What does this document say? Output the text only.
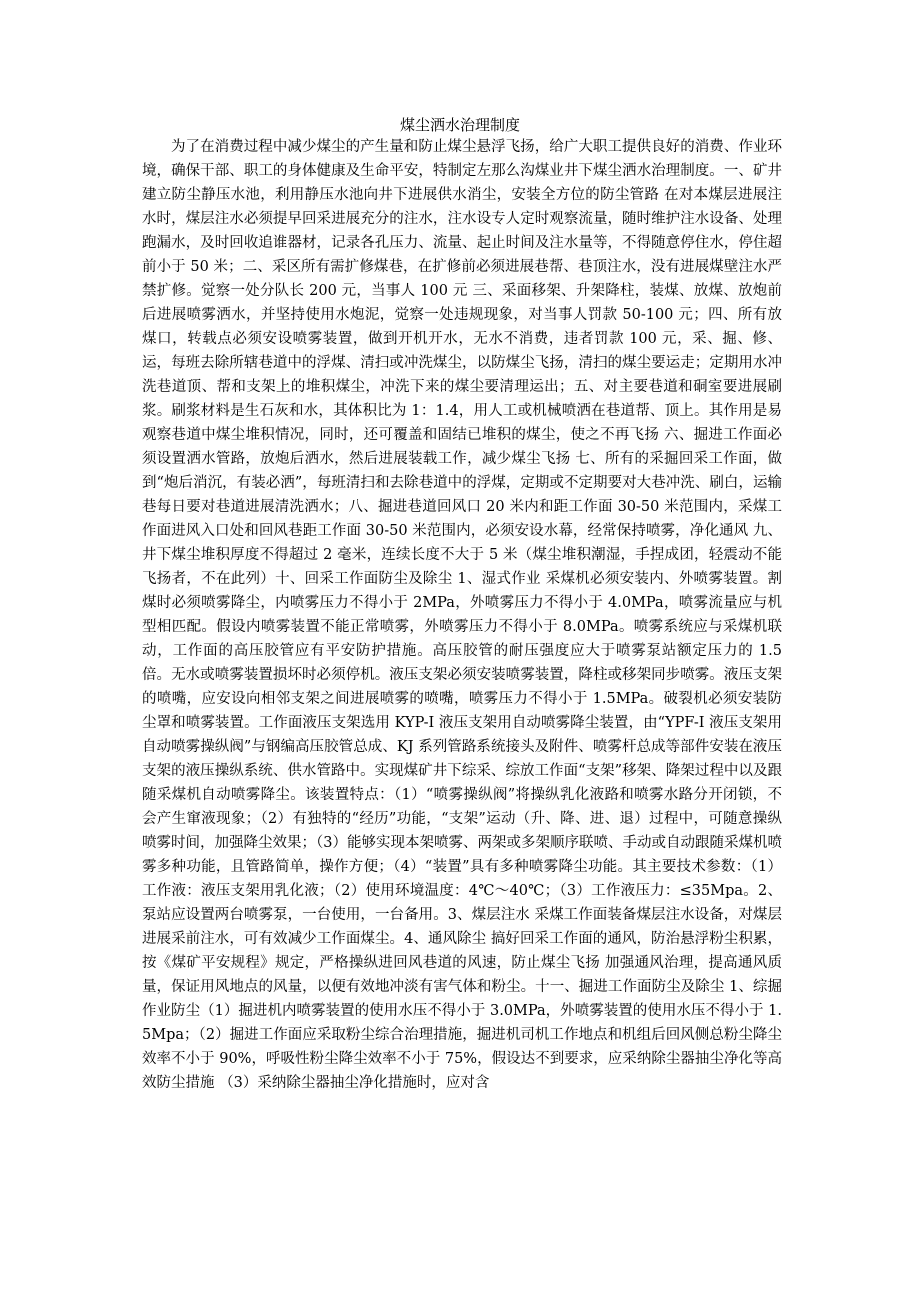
煤尘洒水治理制度

为了在消费过程中减少煤尘的产生量和防止煤尘悬浮飞扬，给广大职工提供良好的消费、作业环境，确保干部、职工的身体健康及生命平安，特制定左那么沟煤业井下煤尘洒水治理制度。一、矿井建立防尘静压水池，利用静压水池向井下进展供水消尘，安装全方位的防尘管路 在对本煤层进展注水时，煤层注水必须提早回采进展充分的注水，注水设专人定时观察流量，随时维护注水设备、处理跑漏水，及时回收追谁器材，记录各孔压力、流量、起止时间及注水量等，不得随意停住水，停住超前小于 50 米；二、采区所有需扩修煤巷，在扩修前必须进展巷帮、巷顶注水，没有进展煤壁注水严禁扩修。觉察一处分队长 200 元，当事人 100 元 三、采面移架、升架降柱，装煤、放煤、放炮前后进展喷雾洒水，并坚持使用水炮泥，觉察一处违规现象，对当事人罚款 50-100 元；四、所有放煤口，转载点必须安设喷雾装置，做到开机开水，无水不消费，违者罚款 100 元，采、掘、修、运，每班去除所辖巷道中的浮煤、清扫或冲洗煤尘，以防煤尘飞扬，清扫的煤尘要运走；定期用水冲洗巷道顶、帮和支架上的堆积煤尘，冲洗下来的煤尘要清理运出；五、对主要巷道和硐室要进展刷浆。刷浆材料是生石灰和水，其体积比为 1：1.4，用人工或机械喷洒在巷道帮、顶上。其作用是易观察巷道中煤尘堆积情况，同时，还可覆盖和固结已堆积的煤尘，使之不再飞扬 六、掘进工作面必须设置洒水管路，放炮后洒水，然后进展装载工作，减少煤尘飞扬 七、所有的采掘回采工作面，做到“炮后消沉，有装必洒”，每班清扫和去除巷道中的浮煤，定期或不定期要对大巷冲洗、刷白，运输巷每日要对巷道进展清洗洒水；八、掘进巷道回风口 20 米内和距工作面 30-50 米范围内，采煤工作面进风入口处和回风巷距工作面 30-50 米范围内，必须安设水幕，经常保持喷雾，净化通风 九、井下煤尘堆积厚度不得超过 2 毫米，连续长度不大于 5 米（煤尘堆积潮湿，手捏成团，轻震动不能飞扬者，不在此列）十、回采工作面防尘及除尘 1、湿式作业 采煤机必须安装内、外喷雾装置。割煤时必须喷雾降尘，内喷雾压力不得小于 2MPa，外喷雾压力不得小于 4.0MPa，喷雾流量应与机型相匹配。假设内喷雾装置不能正常喷雾，外喷雾压力不得小于 8.0MPa。喷雾系统应与采煤机联动，工作面的高压胶管应有平安防护措施。高压胶管的耐压强度应大于喷雾泵站额定压力的 1.5 倍。无水或喷雾装置损坏时必须停机。液压支架必须安装喷雾装置，降柱或移架同步喷雾。液压支架的喷嘴，应安设向相邻支架之间进展喷雾的喷嘴，喷雾压力不得小于 1.5MPa。破裂机必须安装防尘罩和喷雾装置。工作面液压支架选用 KYP-I 液压支架用自动喷雾降尘装置，由“YPF-I 液压支架用自动喷雾操纵阀”与钢编高压胶管总成、KJ 系列管路系统接头及附件、喷雾杆总成等部件安装在液压支架的液压操纵系统、供水管路中。实现煤矿井下综采、综放工作面“支架”移架、降架过程中以及跟随采煤机自动喷雾降尘。该装置特点：（1）“喷雾操纵阀”将操纵乳化液路和喷雾水路分开闭锁，不会产生窜液现象；（2）有独特的“经历”功能，“支架”运动（升、降、进、退）过程中，可随意操纵喷雾时间，加强降尘效果；（3）能够实现本架喷雾、两架或多架顺序联喷、手动或自动跟随采煤机喷雾多种功能，且管路简单，操作方便；（4）“装置”具有多种喷雾降尘功能。其主要技术参数：（1）工作液：液压支架用乳化液；（2）使用环境温度：4℃～40℃；（3）工作液压力：≤35Mpa。2、泵站应设置两台喷雾泵，一台使用，一台备用。3、煤层注水 采煤工作面装备煤层注水设备，对煤层进展采前注水，可有效减少工作面煤尘。4、通风除尘 搞好回采工作面的通风，防治悬浮粉尘积累，按《煤矿平安规程》规定，严格操纵进回风巷道的风速，防止煤尘飞扬 加强通风治理，提高通风质量，保证用风地点的风量，以便有效地冲淡有害气体和粉尘。十一、掘进工作面防尘及除尘 1、综掘作业防尘（1）掘进机内喷雾装置的使用水压不得小于 3.0MPa，外喷雾装置的使用水压不得小于 1.5Mpa；（2）掘进工作面应采取粉尘综合治理措施，掘进机司机工作地点和机组后回风侧总粉尘降尘效率不小于 90%，呼吸性粉尘降尘效率不小于 75%，假设达不到要求，应采纳除尘器抽尘净化等高效防尘措施 （3）采纳除尘器抽尘净化措施时，应对含
